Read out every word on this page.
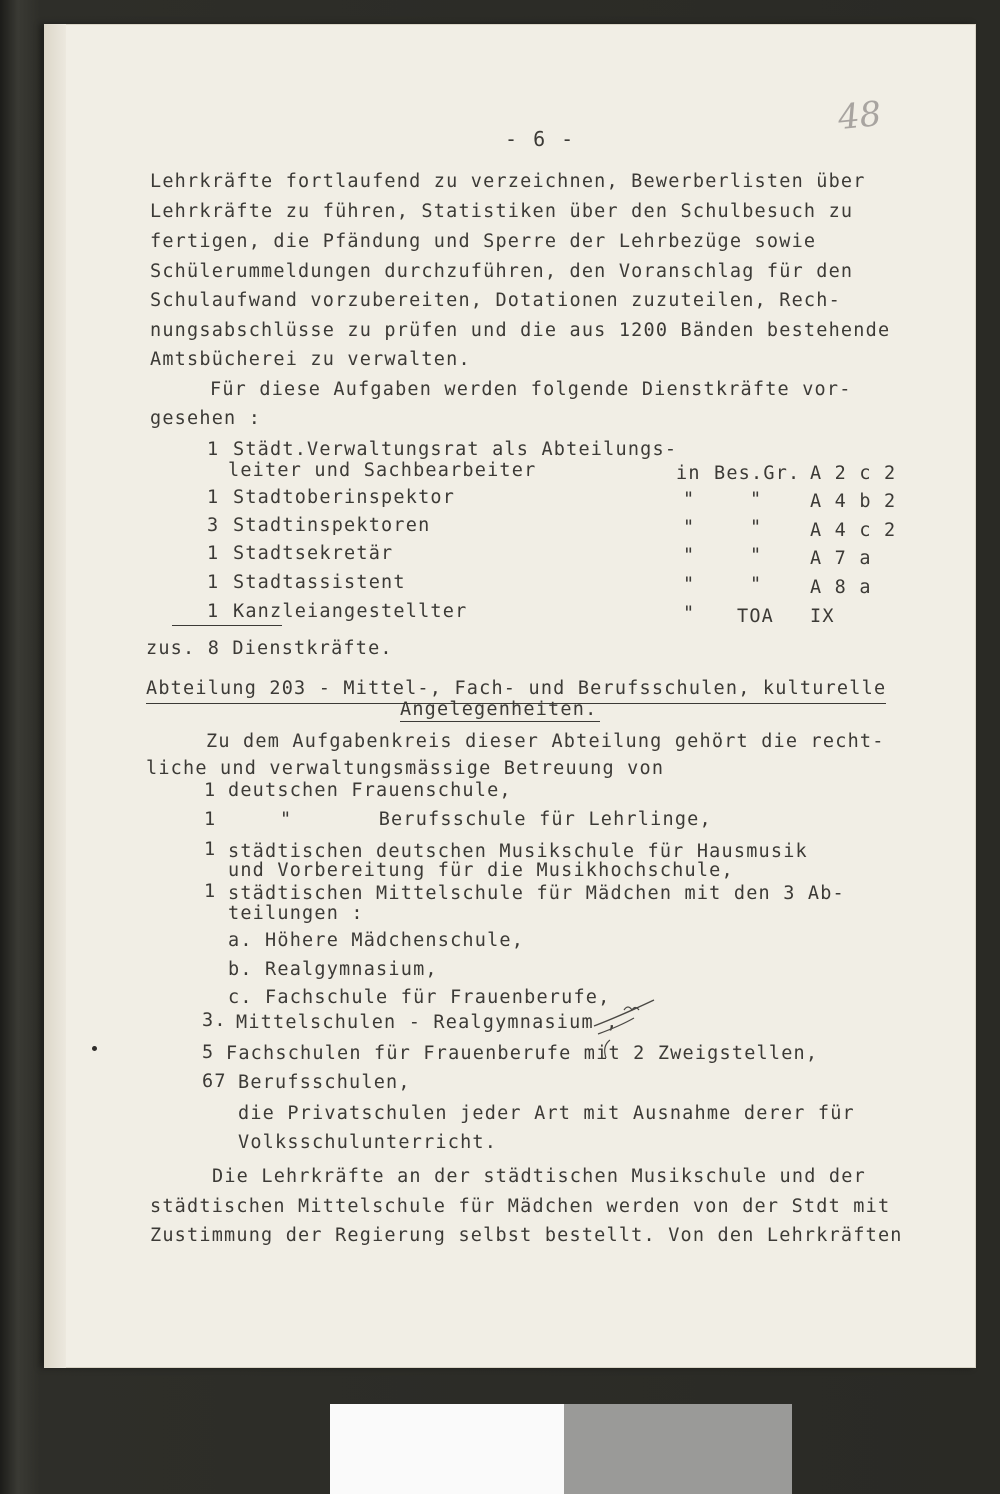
48
- 6 -
Lehrkräfte fortlaufend zu verzeichnen, Bewerberlisten über
Lehrkräfte zu führen, Statistiken über den Schulbesuch zu
fertigen, die Pfändung und Sperre der Lehrbezüge sowie
Schülerummeldungen durchzuführen, den Voranschlag für den
Schulaufwand vorzubereiten, Dotationen zuzuteilen, Rech-
nungsabschlüsse zu prüfen und die aus 1200 Bänden bestehende
Amtsbücherei zu verwalten.
Für diese Aufgaben werden folgende Dienstkräfte vor-
gesehen :
1 Städt.Verwaltungsrat als Abteilungs-
leiter und Sachbearbeiter	in Bes.Gr. A 2 c 2
1 Stadtoberinspektor	"	"	A 4 b 2
3 Stadtinspektoren	"	"	A 4 c 2
1 Stadtsekretär	"	"	A 7 a
1 Stadtassistent	"	"	A 8 a
1 Kanzleiangestellter	" TOA IX
zus. 8 Dienstkräfte.
Abteilung 203 - Mittel-, Fach- und Berufsschulen, kulturelle
Angelegenheiten.
Zu dem Aufgabenkreis dieser Abteilung gehört die recht-
liche und verwaltungsmässige Betreuung von
1 deutschen Frauenschule,
1	"       Berufsschule für Lehrlinge,
1 städtischen deutschen Musikschule für Hausmusik
und Vorbereitung für die Musikhochschule,
1 städtischen Mittelschule für Mädchen mit den 3 Ab-
teilungen :
a. Höhere Mädchenschule,
b. Realgymnasium,
c. Fachschule für Frauenberufe,
3. Mittelschulen - Realgymnasium ,
5 Fachschulen für Frauenberufe mit 2 Zweigstellen,
67 Berufsschulen,
die Privatschulen jeder Art mit Ausnahme derer für
Volksschulunterricht.
Die Lehrkräfte an der städtischen Musikschule und der
städtischen Mittelschule für Mädchen werden von der Stdt mit
Zustimmung der Regierung selbst bestellt. Von den Lehrkräften
